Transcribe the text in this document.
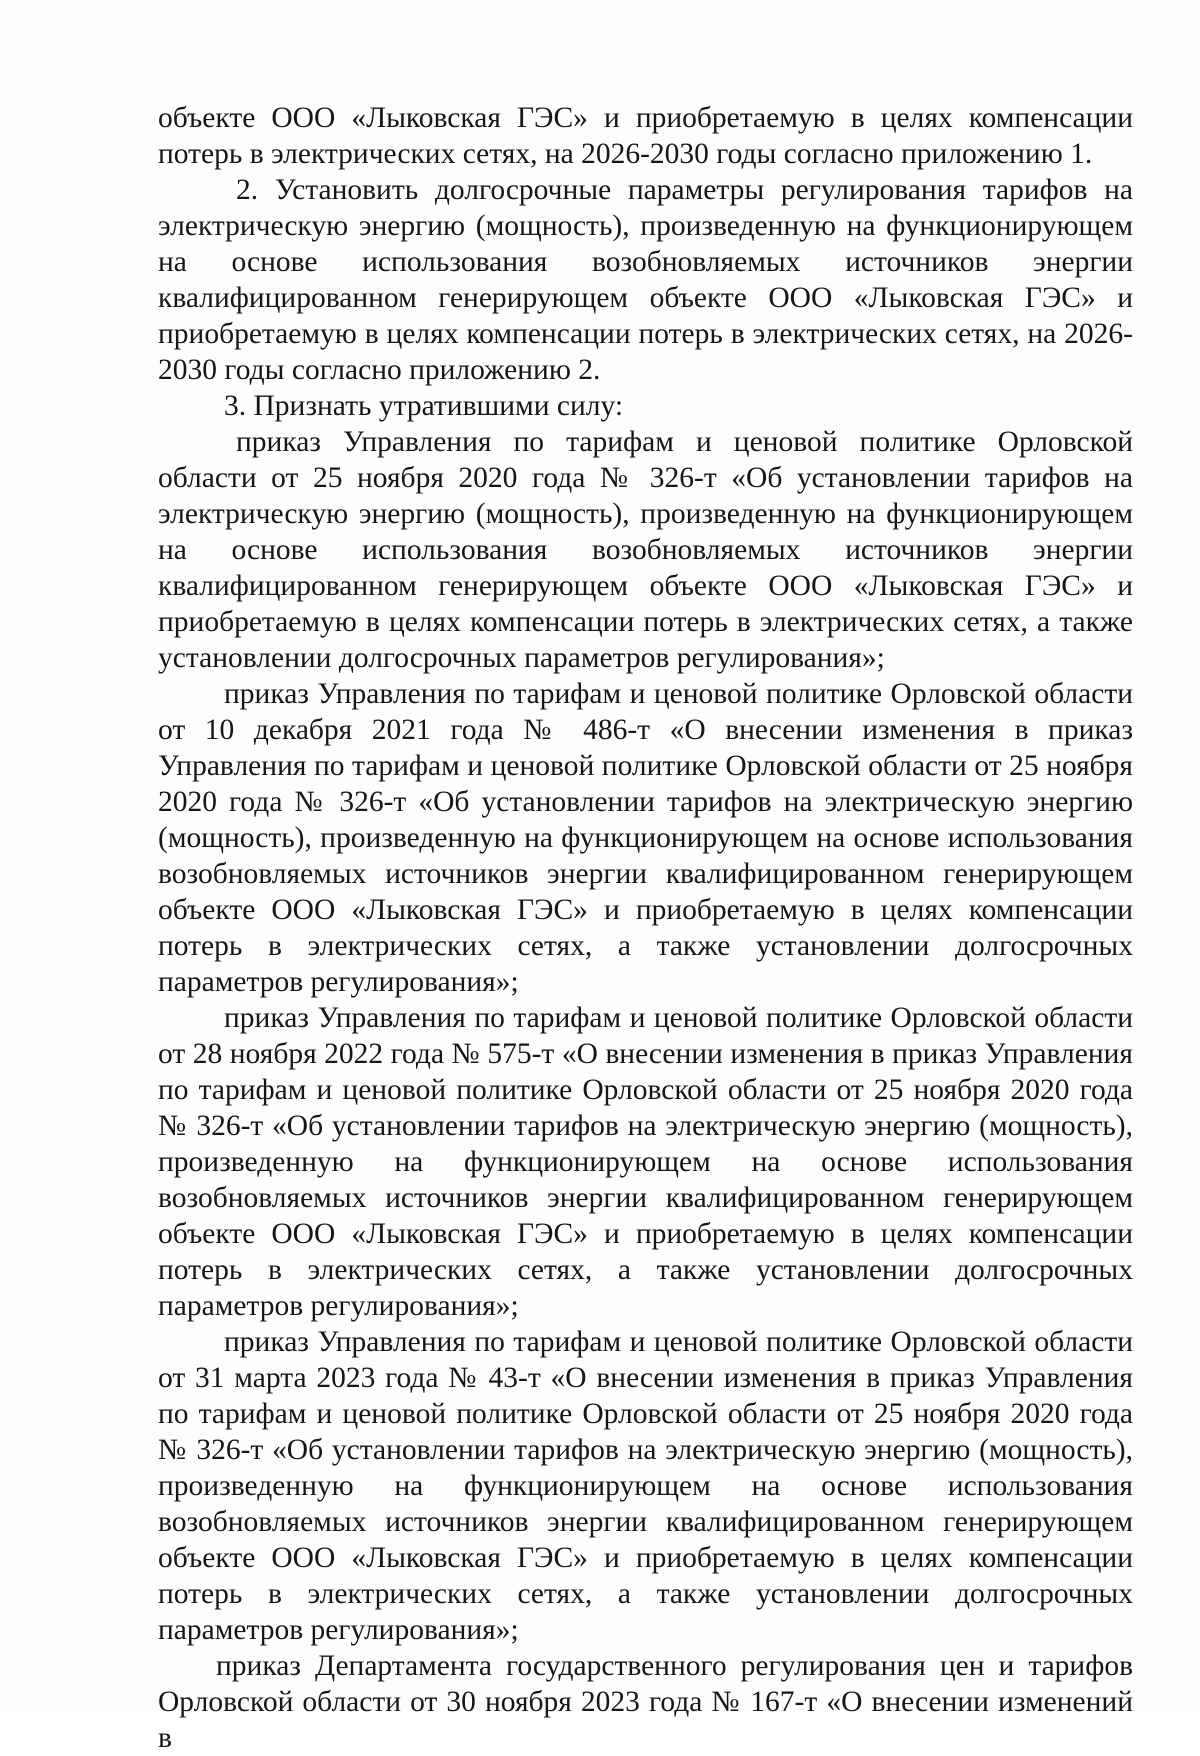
объекте ООО «Лыковская ГЭС» и приобретаемую в целях компенсации потерь в электрических сетях, на 2026-2030 годы согласно приложению 1.

2. Установить долгосрочные параметры регулирования тарифов на электрическую энергию (мощность), произведенную на функционирующем на основе использования возобновляемых источников энергии квалифицированном генерирующем объекте ООО «Лыковская ГЭС» и приобретаемую в целях компенсации потерь в электрических сетях, на 2026-2030 годы согласно приложению 2.

3. Признать утратившими силу:

приказ Управления по тарифам и ценовой политике Орловской области от 25 ноября 2020 года № 326-т «Об установлении тарифов на электрическую энергию (мощность), произведенную на функционирующем на основе использования возобновляемых источников энергии квалифицированном генерирующем объекте ООО «Лыковская ГЭС» и приобретаемую в целях компенсации потерь в электрических сетях, а также установлении долгосрочных параметров регулирования»;

приказ Управления по тарифам и ценовой политике Орловской области от 10 декабря 2021 года № 486-т «О внесении изменения в приказ Управления по тарифам и ценовой политике Орловской области от 25 ноября 2020 года № 326-т «Об установлении тарифов на электрическую энергию (мощность), произведенную на функционирующем на основе использования возобновляемых источников энергии квалифицированном генерирующем объекте ООО «Лыковская ГЭС» и приобретаемую в целях компенсации потерь в электрических сетях, а также установлении долгосрочных параметров регулирования»;

приказ Управления по тарифам и ценовой политике Орловской области от 28 ноября 2022 года № 575-т «О внесении изменения в приказ Управления по тарифам и ценовой политике Орловской области от 25 ноября 2020 года № 326-т «Об установлении тарифов на электрическую энергию (мощность), произведенную на функционирующем на основе использования возобновляемых источников энергии квалифицированном генерирующем объекте ООО «Лыковская ГЭС» и приобретаемую в целях компенсации потерь в электрических сетях, а также установлении долгосрочных параметров регулирования»;

приказ Управления по тарифам и ценовой политике Орловской области от 31 марта 2023 года № 43-т «О внесении изменения в приказ Управления по тарифам и ценовой политике Орловской области от 25 ноября 2020 года № 326-т «Об установлении тарифов на электрическую энергию (мощность), произведенную на функционирующем на основе использования возобновляемых источников энергии квалифицированном генерирующем объекте ООО «Лыковская ГЭС» и приобретаемую в целях компенсации потерь в электрических сетях, а также установлении долгосрочных параметров регулирования»;

приказ Департамента государственного регулирования цен и тарифов Орловской области от 30 ноября 2023 года № 167-т «О внесении изменений в
